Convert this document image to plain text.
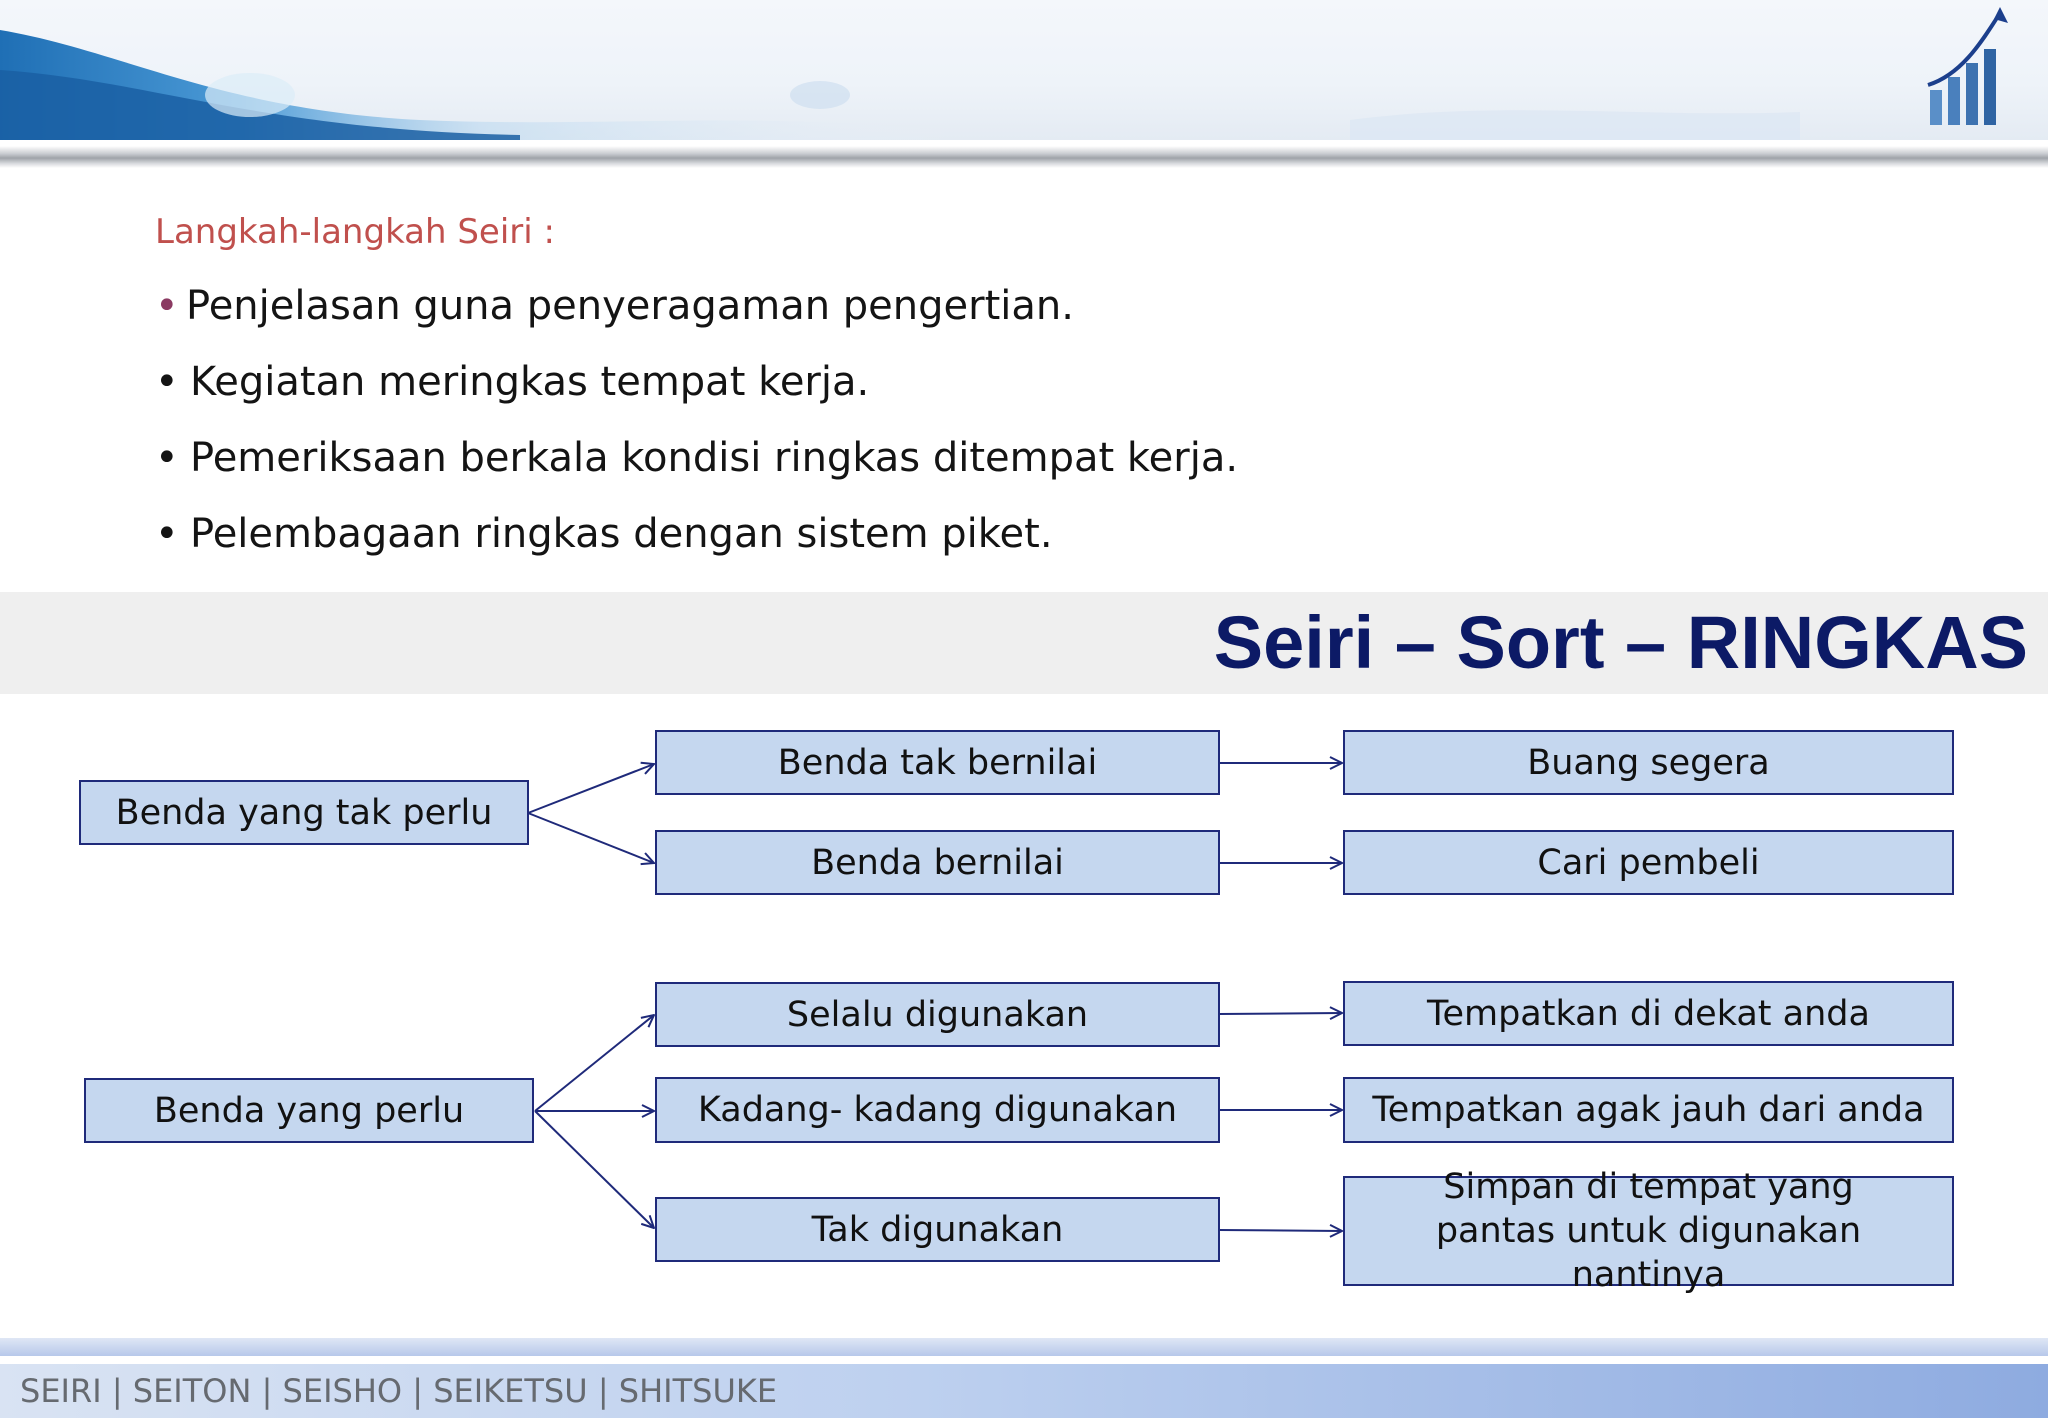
Langkah-langkah Seiri :
• Penjelasan guna penyeragaman pengertian.
• Kegiatan meringkas tempat kerja.
• Pemeriksaan berkala kondisi ringkas ditempat kerja.
• Pelembagaan ringkas dengan sistem piket.
Seiri – Sort – RINGKAS
Benda yang tak perlu
Benda tak bernilai
Benda bernilai
Buang segera
Cari pembeli
Benda yang perlu
Selalu digunakan
Kadang- kadang digunakan
Tak digunakan
Tempatkan di dekat anda
Tempatkan agak jauh dari anda
Simpan di tempat yang pantas untuk digunakan nantinya
SEIRI | SEITON | SEISHO | SEIKETSU | SHITSUKE
